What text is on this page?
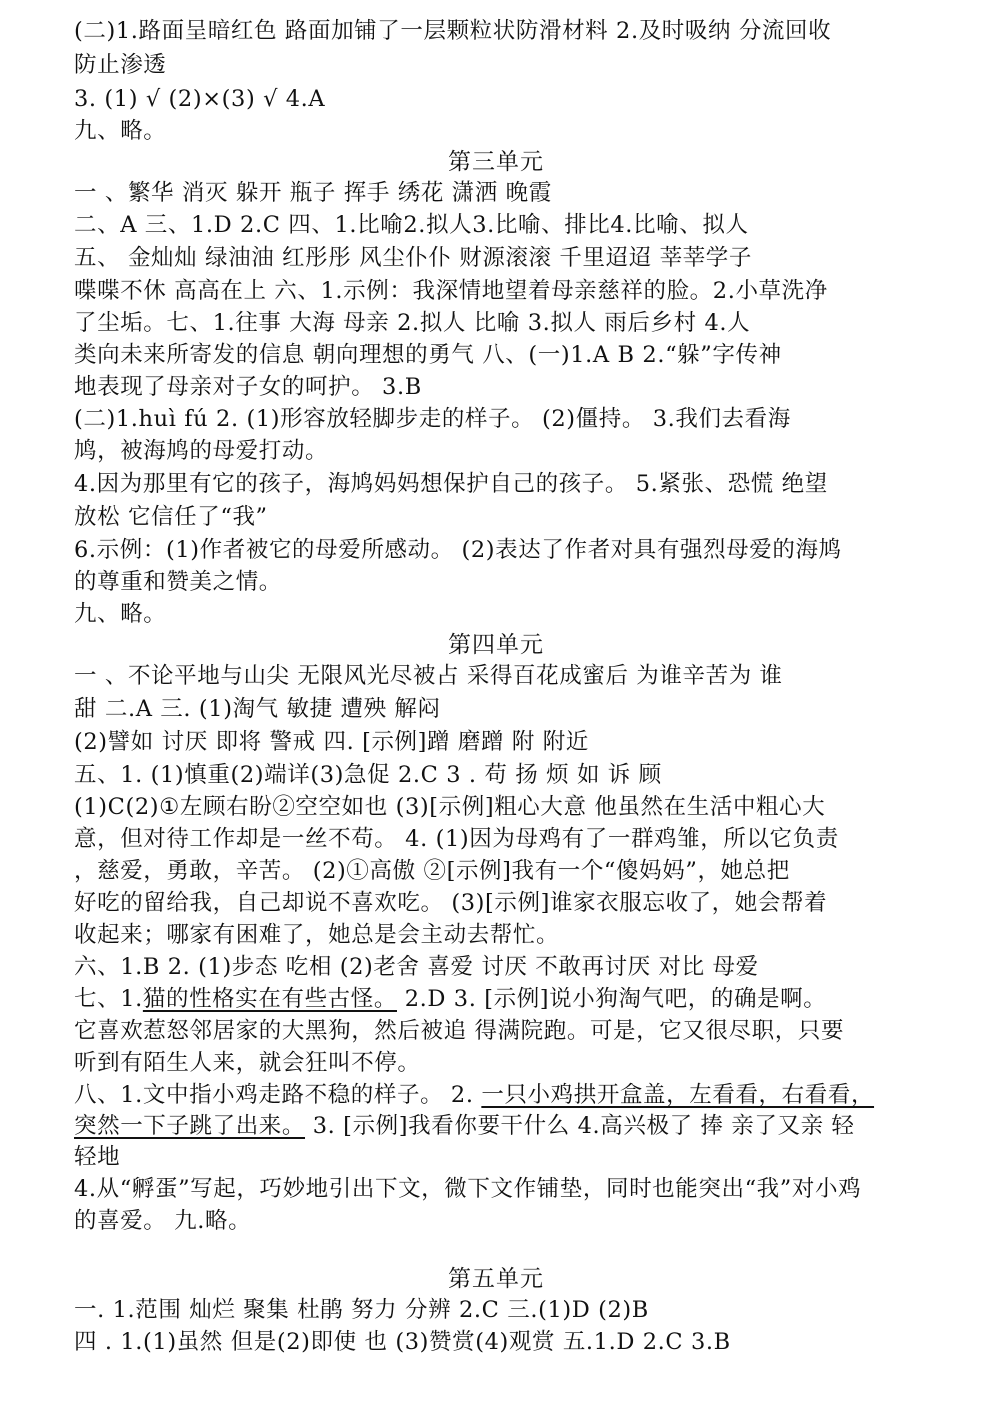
(二)1.路面呈暗红色 路面加铺了一层颗粒状防滑材料 2.及时吸纳 分流回收
防止渗透
3. (1) √ (2)×(3) √ 4.A
九、略。
第三单元
一 、繁华 消灭 躲开 瓶子 挥手 绣花 潇洒 晚霞
二、A 三、1.D 2.C 四、1.比喻2.拟人3.比喻、排比4.比喻、拟人
五、 金灿灿 绿油油 红彤彤 风尘仆仆 财源滚滚 千里迢迢 莘莘学子
喋喋不休 高高在上 六、1.示例：我深情地望着母亲慈祥的脸。2.小草洗净
了尘垢。七、1.往事 大海 母亲 2.拟人 比喻 3.拟人 雨后乡村 4.人
类向未来所寄发的信息 朝向理想的勇气 八、(一)1.A B 2.“躲”字传神
地表现了母亲对子女的呵护。 3.B
(二)1.huì fú 2. (1)形容放轻脚步走的样子。 (2)僵持。 3.我们去看海
鸠，被海鸠的母爱打动。
4.因为那里有它的孩子，海鸠妈妈想保护自己的孩子。 5.紧张、恐慌 绝望
放松 它信任了“我”
6.示例：(1)作者被它的母爱所感动。 (2)表达了作者对具有强烈母爱的海鸠
的尊重和赞美之情。
九、略。
第四单元
一 、不论平地与山尖 无限风光尽被占 采得百花成蜜后 为谁辛苦为 谁
甜 二.A 三. (1)淘气 敏捷 遭殃 解闷
(2)譬如 讨厌 即将 警戒 四. [示例]蹭 磨蹭 附 附近
五、1. (1)慎重(2)端详(3)急促 2.C 3 . 苟 扬 烦 如 诉 顾
(1)C(2)①左顾右盼②空空如也 (3)[示例]粗心大意 他虽然在生活中粗心大
意，但对待工作却是一丝不苟。 4. (1)因为母鸡有了一群鸡雏，所以它负责
，慈爱，勇敢，辛苦。 (2)①高傲 ②[示例]我有一个“傻妈妈”，她总把
好吃的留给我，自己却说不喜欢吃。 (3)[示例]谁家衣服忘收了，她会帮着
收起来；哪家有困难了，她总是会主动去帮忙。
六、1.B 2. (1)步态 吃相 (2)老舍 喜爱 讨厌 不敢再讨厌 对比 母爱
七、1.猫的性格实在有些古怪。 2.D 3. [示例]说小狗淘气吧，的确是啊。
它喜欢惹怒邻居家的大黑狗，然后被追 得满院跑。可是，它又很尽职，只要
听到有陌生人来，就会狂叫不停。
八、1.文中指小鸡走路不稳的样子。 2. 一只小鸡拱开盒盖，左看看，右看看，
突然一下子跳了出来。 3. [示例]我看你要干什么 4.高兴极了 捧 亲了又亲 轻
轻地
4.从“孵蛋”写起，巧妙地引出下文，微下文作铺垫，同时也能突出“我”对小鸡
的喜爱。 九.略。
第五单元
一. 1.范围 灿烂 聚集 杜鹃 努力 分辨 2.C 三.(1)D (2)B
四 . 1.(1)虽然 但是(2)即使 也 (3)赞赏(4)观赏 五.1.D 2.C 3.B
